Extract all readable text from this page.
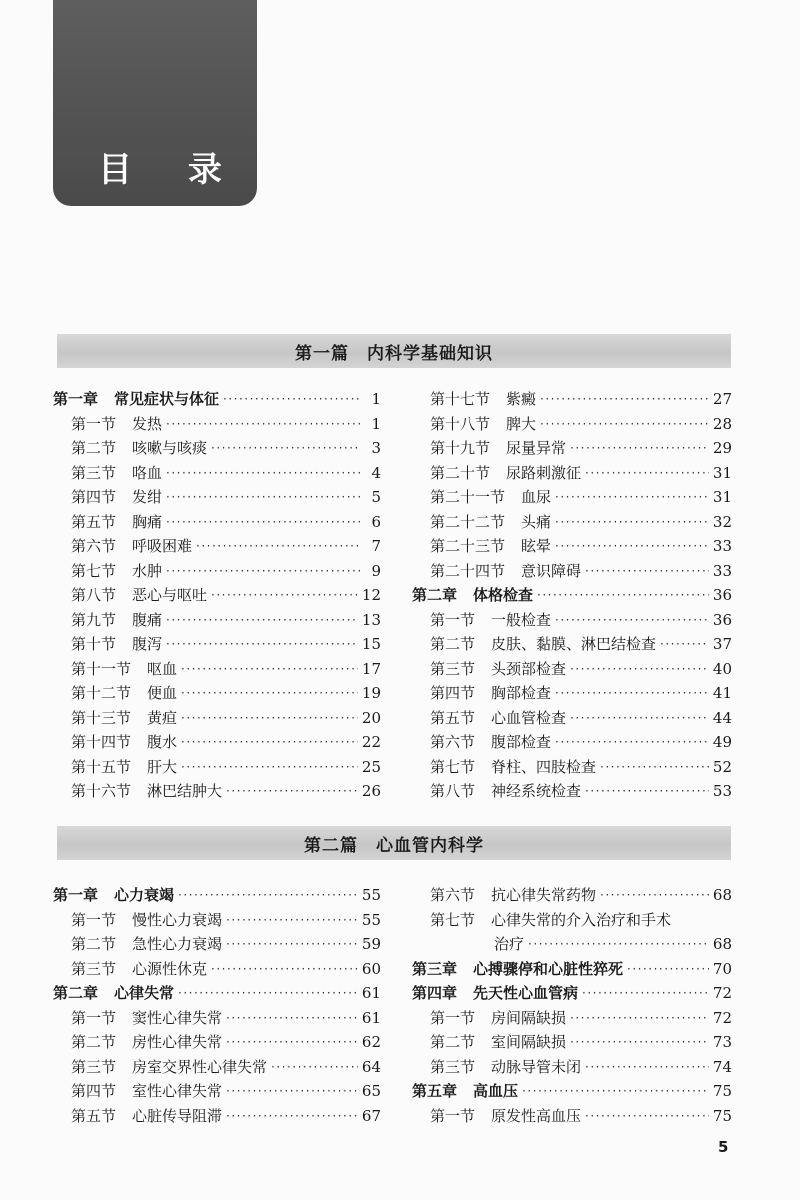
目 录
第一篇　内科学基础知识
第一章 常见症状与体征 ·····	1
第一节 发热 ·····	1
第二节 咳嗽与咳痰 ·····	3
第三节 咯血 ·····	4
第四节 发绀 ·····	5
第五节 胸痛 ·····	6
第六节 呼吸困难 ·····	7
第七节 水肿 ·····	9
第八节 恶心与呕吐 ·····	12
第九节 腹痛 ·····	13
第十节 腹泻 ·····	15
第十一节 呕血 ·····	17
第十二节 便血 ·····	19
第十三节 黄疸 ·····	20
第十四节 腹水 ·····	22
第十五节 肝大 ·····	25
第十六节 淋巴结肿大 ·····	26
第十七节 紫癜 ·····	27
第十八节 脾大 ·····	28
第十九节 尿量异常 ·····	29
第二十节 尿路刺激征 ·····	31
第二十一节 血尿 ·····	31
第二十二节 头痛 ·····	32
第二十三节 眩晕 ·····	33
第二十四节 意识障碍 ·····	33
第二章 体格检查 ·····	36
第一节 一般检查 ·····	36
第二节 皮肤、黏膜、淋巴结检查 ·····	37
第三节 头颈部检查 ·····	40
第四节 胸部检查 ·····	41
第五节 心血管检查 ·····	44
第六节 腹部检查 ·····	49
第七节 脊柱、四肢检查 ·····	52
第八节 神经系统检查 ·····	53
第二篇　心血管内科学
第一章 心力衰竭 ·····	55
第一节 慢性心力衰竭 ·····	55
第二节 急性心力衰竭 ·····	59
第三节 心源性休克 ·····	60
第二章 心律失常 ·····	61
第一节 窦性心律失常 ·····	61
第二节 房性心律失常 ·····	62
第三节 房室交界性心律失常 ·····	64
第四节 室性心律失常 ·····	65
第五节 心脏传导阻滞 ·····	67
第六节 抗心律失常药物 ·····	68
第七节 心律失常的介入治疗和手术
治疗 ·····	68
第三章 心搏骤停和心脏性猝死 ·····	70
第四章 先天性心血管病 ·····	72
第一节 房间隔缺损 ·····	72
第二节 室间隔缺损 ·····	73
第三节 动脉导管未闭 ·····	74
第五章 高血压 ·····	75
第一节 原发性高血压 ·····	75
5
